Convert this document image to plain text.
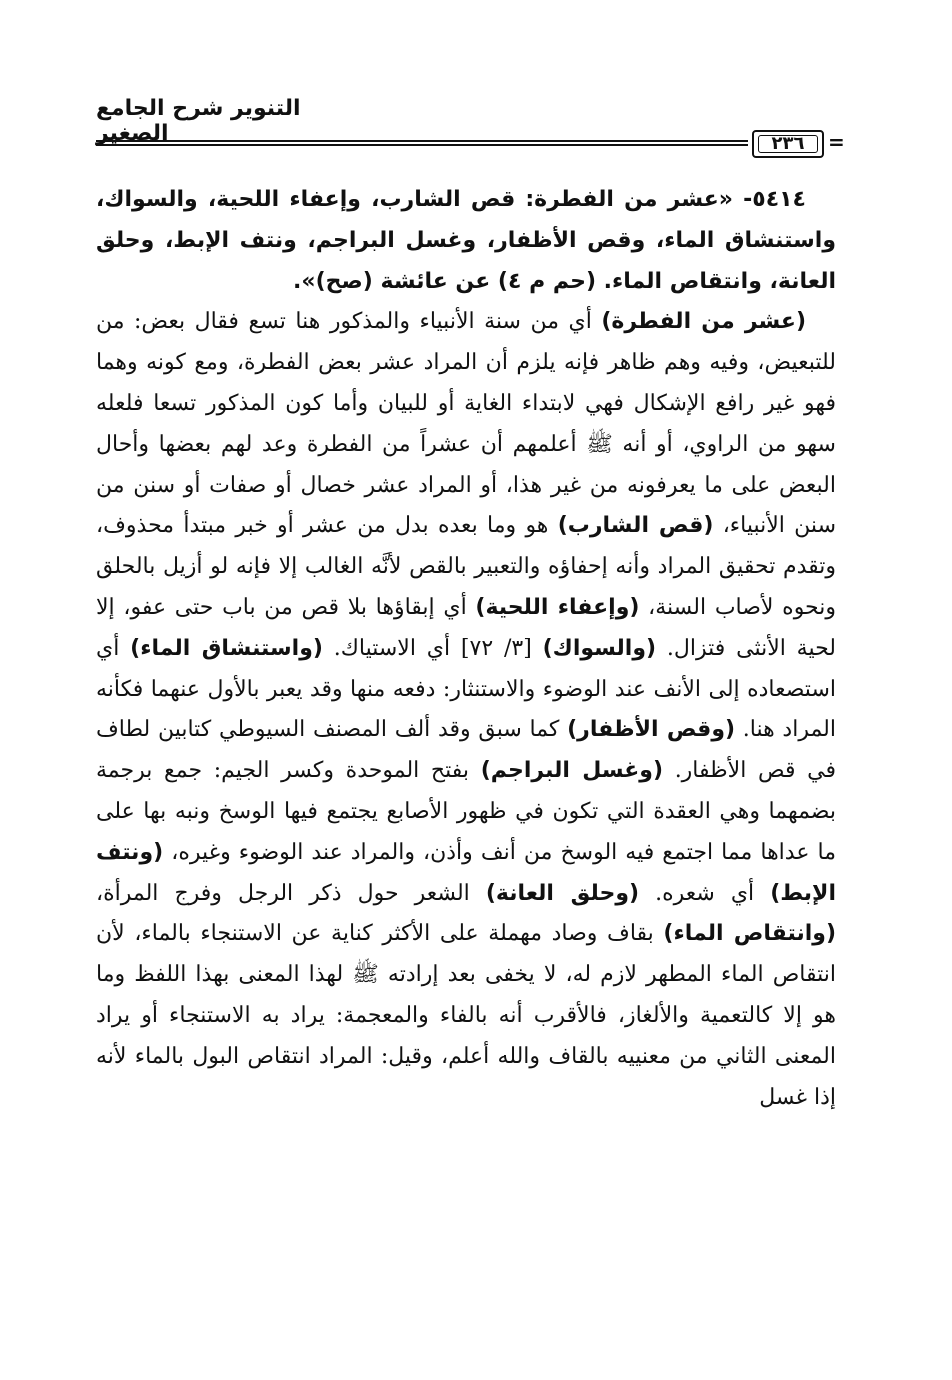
التنوير شرح الجامع الصغير	=
٢٣٦

٥٤١٤- «عشر من الفطرة: قص الشارب، وإعفاء اللحية، والسواك، واستنشاق الماء، وقص الأظفار، وغسل البراجم، ونتف الإبط، وحلق العانة، وانتقاص الماء. (حم م ٤) عن عائشة (صح)».

(عشر من الفطرة) أي من سنة الأنبياء والمذكور هنا تسع فقال بعض: من للتبعيض، وفيه وهم ظاهر فإنه يلزم أن المراد عشر بعض الفطرة، ومع كونه وهما فهو غير رافع الإشكال فهي لابتداء الغاية أو للبيان وأما كون المذكور تسعا فلعله سهو من الراوي، أو أنه ﷺ أعلمهم أن عشراً من الفطرة وعد لهم بعضها وأحال البعض على ما يعرفونه من غير هذا، أو المراد عشر خصال أو صفات أو سنن من سنن الأنبياء، (قص الشارب) هو وما بعده بدل من عشر أو خبر مبتدأ محذوف، وتقدم تحقيق المراد وأنه إحفاؤه والتعبير بالقص لأنَّه الغالب إلا فإنه لو أزيل بالحلق ونحوه لأصاب السنة، (وإعفاء اللحية) أي إبقاؤها بلا قص من باب حتى عفو، إلا لحية الأنثى فتزال. (والسواك) [٣/ ٧٢] أي الاستياك. (واستنشاق الماء) أي استصعاده إلى الأنف عند الوضوء والاستنثار: دفعه منها وقد يعبر بالأول عنهما فكأنه المراد هنا. (وقص الأظفار) كما سبق وقد ألف المصنف السيوطي كتابين لطاف في قص الأظفار. (وغسل البراجم) بفتح الموحدة وكسر الجيم: جمع برجمة بضمهما وهي العقدة التي تكون في ظهور الأصابع يجتمع فيها الوسخ ونبه بها على ما عداها مما اجتمع فيه الوسخ من أنف وأذن، والمراد عند الوضوء وغيره، (ونتف الإبط) أي شعره. (وحلق العانة) الشعر حول ذكر الرجل وفرج المرأة، (وانتقاص الماء) بقاف وصاد مهملة على الأكثر كناية عن الاستنجاء بالماء، لأن انتقاص الماء المطهر لازم له، لا يخفى بعد إرادته ﷺ لهذا المعنى بهذا اللفظ وما هو إلا كالتعمية والألغاز، فالأقرب أنه بالفاء والمعجمة: يراد به الاستنجاء أو يراد المعنى الثاني من معنييه بالقاف والله أعلم، وقيل: المراد انتقاص البول بالماء لأنه إذا غسل
